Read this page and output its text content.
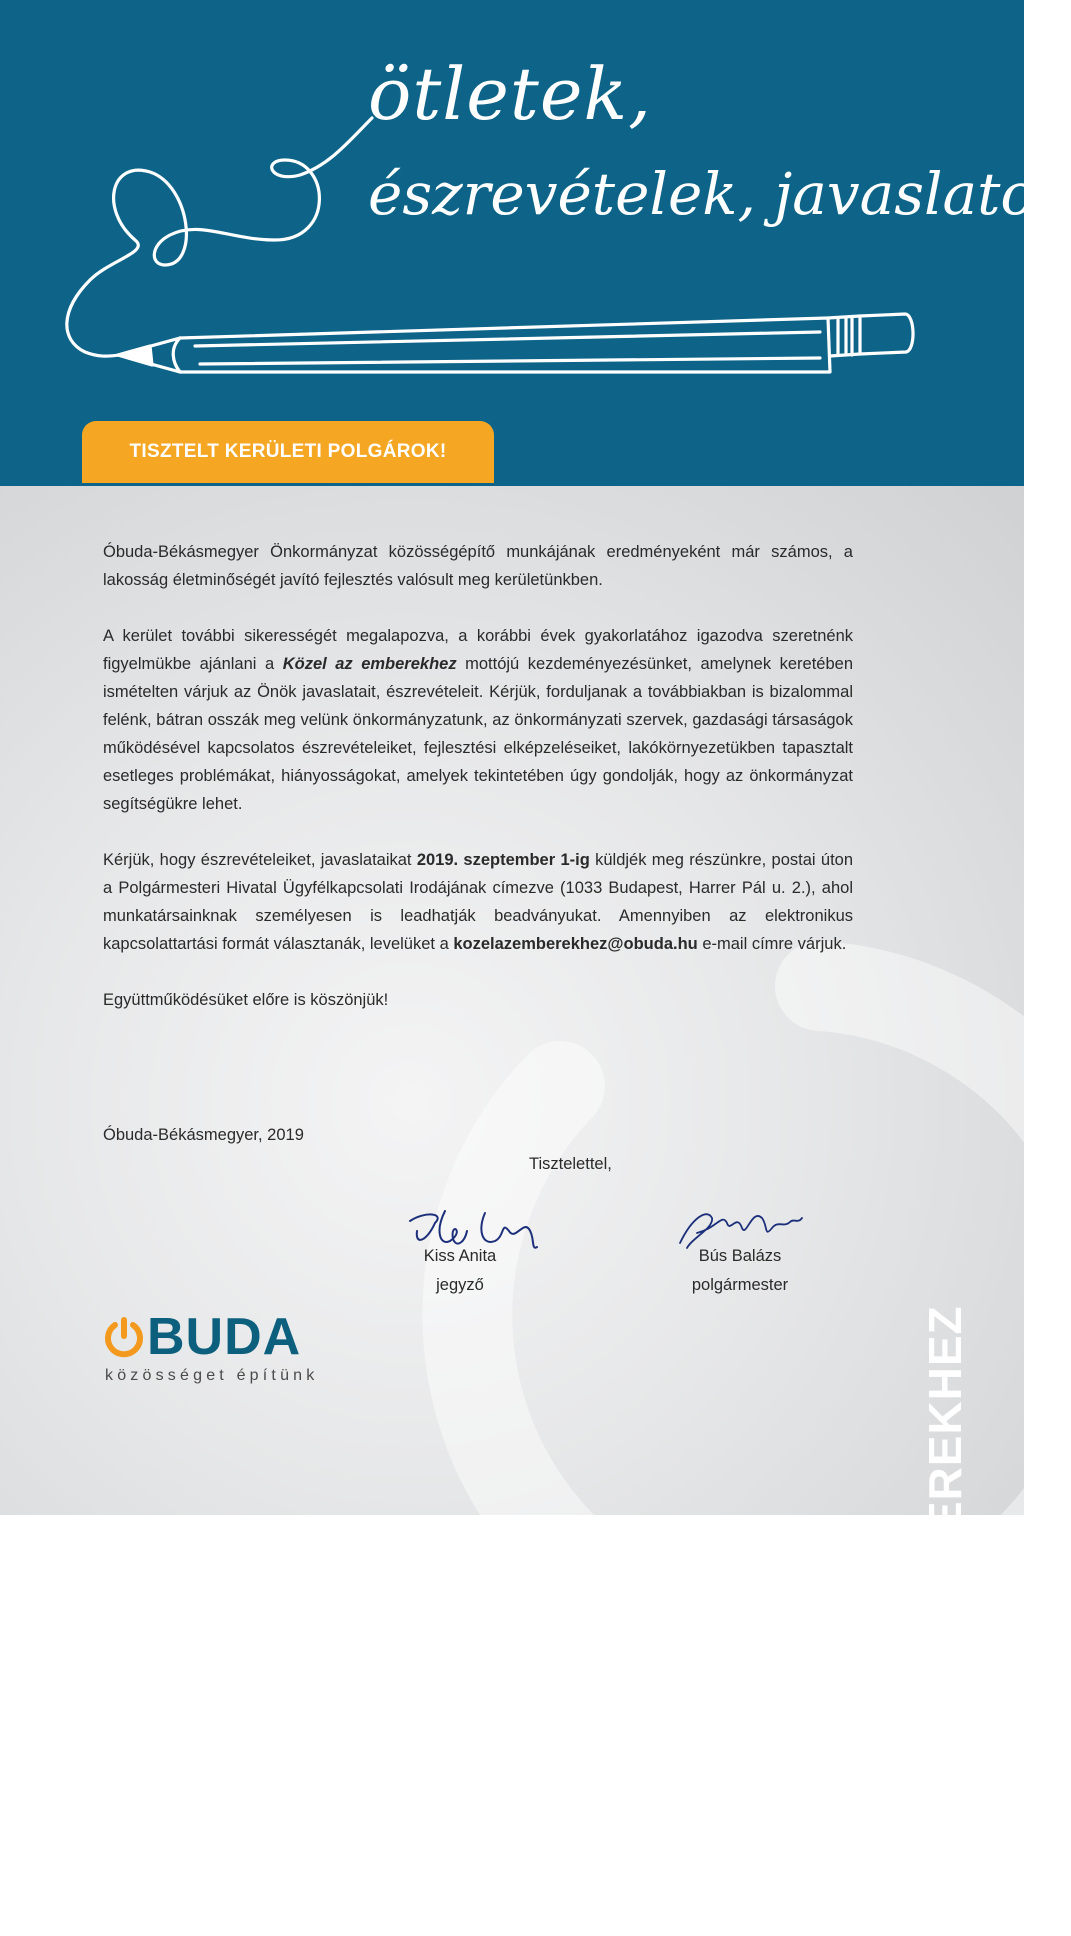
ötletek,
észrevételek, javaslatok
TISZTELT KERÜLETI POLGÁROK!

Óbuda-Békásmegyer Önkormányzat közösségépítő munkájának eredményeként már számos, a lakosság életminőségét javító fejlesztés valósult meg kerületünkben.

A kerület további sikerességét megalapozva, a korábbi évek gyakorlatához igazodva szeretnénk figyelmükbe ajánlani a Közel az emberekhez mottójú kezdeményezésünket, amelynek keretében ismételten várjuk az Önök javaslatait, észrevételeit. Kérjük, forduljanak a továbbiakban is bizalommal felénk, bátran osszák meg velünk önkormányzatunk, az önkormányzati szervek, gazdasági társaságok működésével kapcsolatos észrevételeiket, fejlesztési elképzeléseiket, lakókörnyezetükben tapasztalt esetleges problémákat, hiányosságokat, amelyek tekintetében úgy gondolják, hogy az önkormányzat segítségükre lehet.

Kérjük, hogy észrevételeiket, javaslataikat 2019. szeptember 1-ig küldjék meg részünkre, postai úton a Polgármesteri Hivatal Ügyfélkapcsolati Irodájának címezve (1033 Budapest, Harrer Pál u. 2.), ahol munkatársainknak személyesen is leadhatják beadványukat. Amennyiben az elektronikus kapcsolattartási formát választanák, levelüket a kozelazemberekhez@obuda.hu e-mail címre várjuk.

Együttműködésüket előre is köszönjük!

Óbuda-Békásmegyer, 2019
Tisztelettel,
Kiss Anita
jegyző
Bús Balázs
polgármester
BUDA
közösséget építünk	KÖZEL AZ EMBEREKHEZ
